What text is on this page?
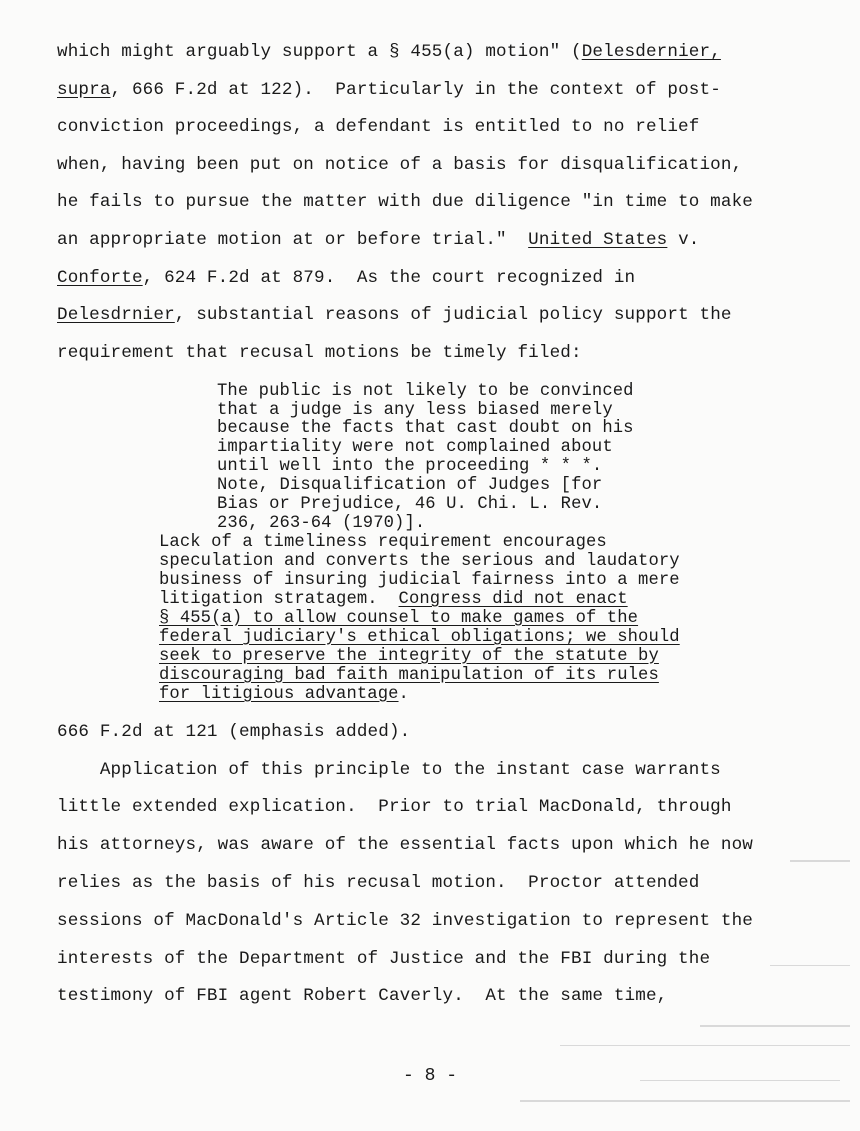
which might arguably support a § 455(a) motion" (Delesdernier,
supra, 666 F.2d at 122).  Particularly in the context of post-
conviction proceedings, a defendant is entitled to no relief
when, having been put on notice of a basis for disqualification,
he fails to pursue the matter with due diligence "in time to make
an appropriate motion at or before trial."  United States v.
Conforte, 624 F.2d at 879.  As the court recognized in
Delesdrnier, substantial reasons of judicial policy support the
requirement that recusal motions be timely filed:
The public is not likely to be convinced
that a judge is any less biased merely
because the facts that cast doubt on his
impartiality were not complained about
until well into the proceeding * * *.
Note, Disqualification of Judges [for
Bias or Prejudice, 46 U. Chi. L. Rev.
236, 263-64 (1970)].
Lack of a timeliness requirement encourages
speculation and converts the serious and laudatory
business of insuring judicial fairness into a mere
litigation stratagem.  Congress did not enact
§ 455(a) to allow counsel to make games of the
federal judiciary's ethical obligations; we should
seek to preserve the integrity of the statute by
discouraging bad faith manipulation of its rules
for litigious advantage.
666 F.2d at 121 (emphasis added).
Application of this principle to the instant case warrants
little extended explication.  Prior to trial MacDonald, through
his attorneys, was aware of the essential facts upon which he now
relies as the basis of his recusal motion.  Proctor attended
sessions of MacDonald's Article 32 investigation to represent the
interests of the Department of Justice and the FBI during the
testimony of FBI agent Robert Caverly.  At the same time,
- 8 -
